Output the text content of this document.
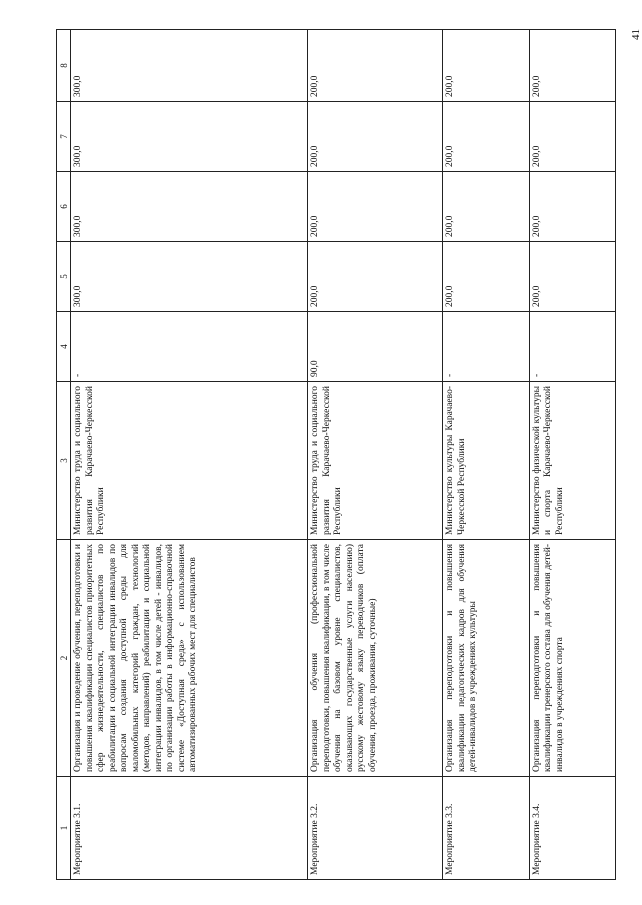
41
1	2	3	4	5	6	7	8
Мероприятие 3.1.	Организация и проведение обучения, переподготовки и повышения квалификации специалистов приоритетных сфер жизнедеятельности, специалистов по реабилитации и социальной интеграции инвалидов по вопросам создания доступной среды для маломобильных категорий граждан, технологий (методов, направлений) реабилитации и социальной интеграции инвалидов, в том числе детей - инвалидов, по организации работы в информационно-справочной системе «Доступная среда» с использованием автоматизированных рабочих мест для специалистов	Министерство труда и социального развития Карачаево-Черкесской Республики	-	300,0	300,0	300,0	300,0
Мероприятие 3.2.	Организация обучения (профессиональной переподготовки, повышения квалификации, в том числе обучения на базовом уровне специалистов, оказывающих государственные услуги населению) русскому жестовому языку переводчиков (оплата обучения, проезда, проживания, суточные)	Министерство труда и социального развития Карачаево-Черкесской Республики	90,0	200,0	200,0	200,0	200,0
Мероприятие 3.3.	Организация переподготовки и повышения квалификации педагогических кадров для обучения детей-инвалидов в учреждениях культуры	Министерство культуры Карачаево-Черкесской Республики	-	200,0	200,0	200,0	200,0
Мероприятие 3.4.	Организация переподготовки и повышения квалификации тренерского состава для обучения детей-инвалидов в учреждениях спорта	Министерство физической культуры и спорта Карачаево-Черкесской Республики	-	200,0	200,0	200,0	200,0
